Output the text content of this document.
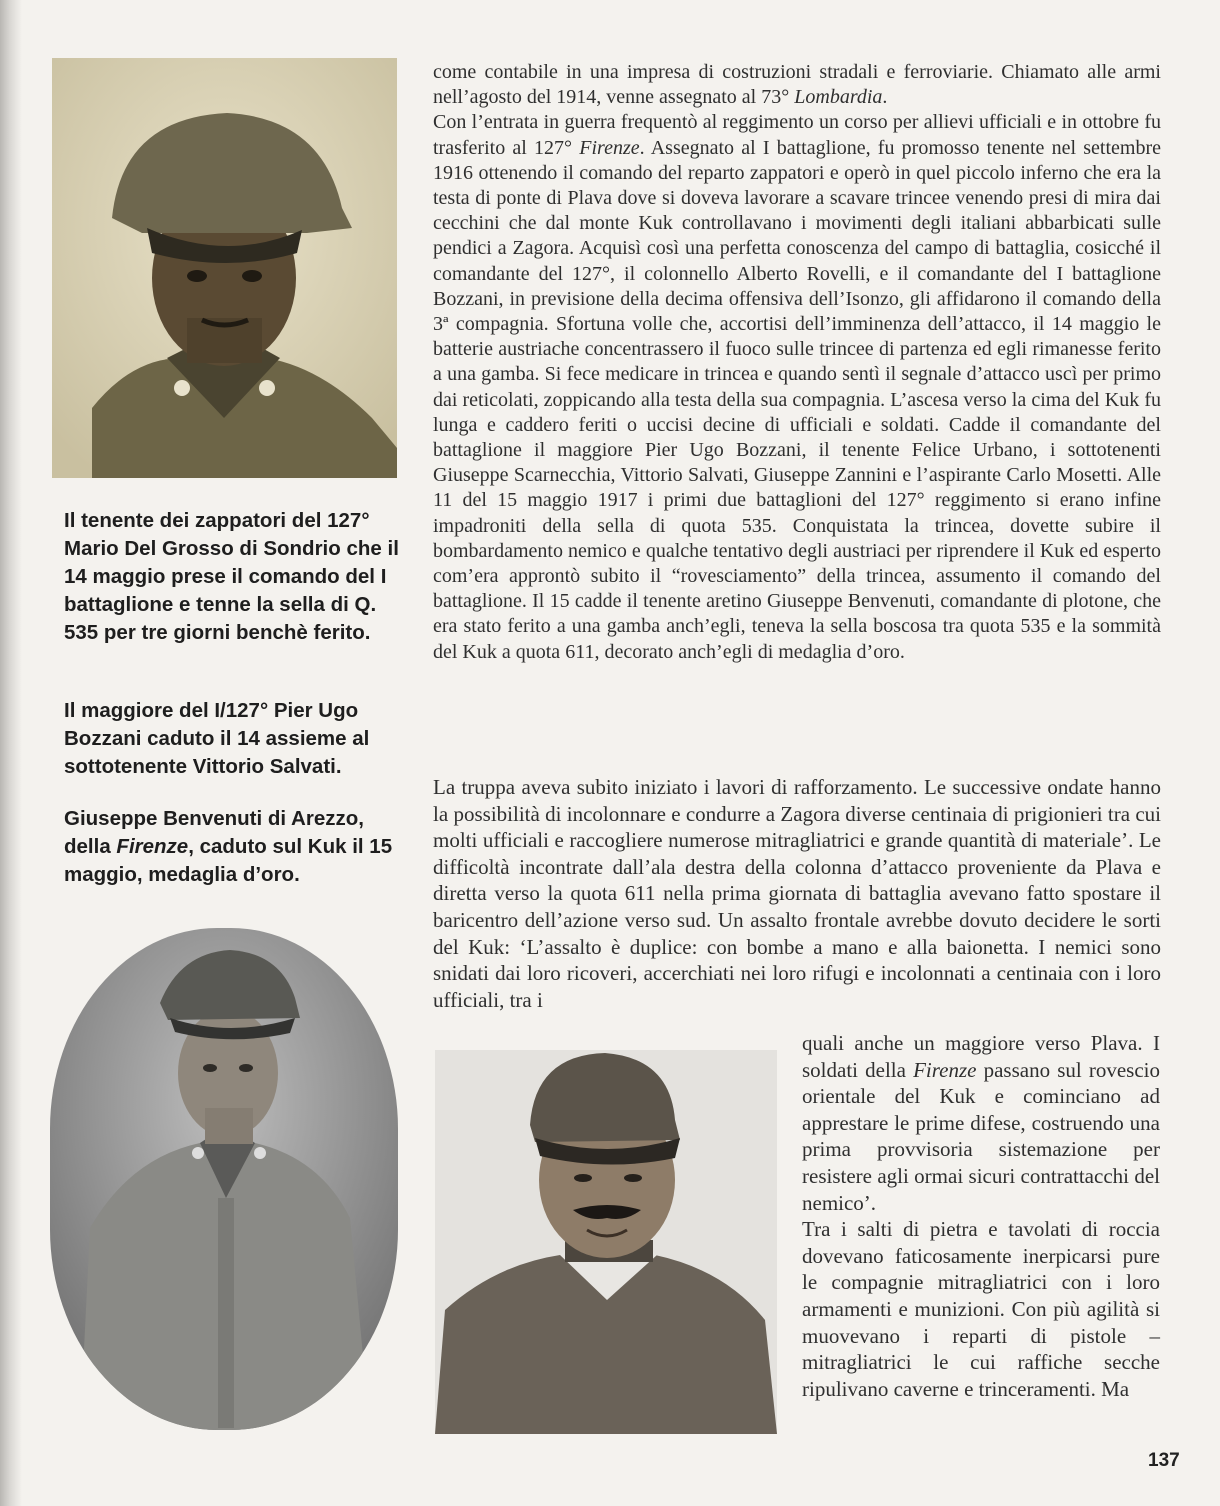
Il tenente dei zappatori del 127° Mario Del Grosso di Sondrio che il 14 maggio prese il comando del I battaglione e tenne la sella di Q. 535 per tre giorni benchè ferito.
Il maggiore del I/127° Pier Ugo Bozzani caduto il 14 assieme al sottotenente Vittorio Salvati.
Giuseppe Benvenuti di Arezzo, della Firenze, caduto sul Kuk il 15 maggio, medaglia d’oro.

come contabile in una impresa di costruzioni stradali e ferroviarie. Chiamato alle armi nell’agosto del 1914, venne assegnato al 73° Lombardia.

Con l’entrata in guerra frequentò al reggimento un corso per allievi ufficiali e in ottobre fu trasferito al 127° Firenze. Assegnato al I battaglione, fu promosso tenente nel settembre 1916 ottenendo il comando del reparto zappatori e operò in quel piccolo inferno che era la testa di ponte di Plava dove si doveva lavorare a scavare trincee venendo presi di mira dai cecchini che dal monte Kuk controllavano i movimenti degli italiani abbarbicati sulle pendici a Zagora. Acquisì così una perfetta conoscenza del campo di battaglia, cosicché il comandante del 127°, il colonnello Alberto Rovelli, e il comandante del I battaglione Bozzani, in previsione della decima offensiva dell’Isonzo, gli affidarono il comando della 3ª compagnia. Sfortuna volle che, accortisi dell’imminenza dell’attacco, il 14 maggio le batterie austriache concentrassero il fuoco sulle trincee di partenza ed egli rimanesse ferito a una gamba. Si fece medicare in trincea e quando sentì il segnale d’attacco uscì per primo dai reticolati, zoppicando alla testa della sua compagnia. L’ascesa verso la cima del Kuk fu lunga e caddero feriti o uccisi decine di ufficiali e soldati. Cadde il comandante del battaglione il maggiore Pier Ugo Bozzani, il tenente Felice Urbano, i sottotenenti Giuseppe Scarnecchia, Vittorio Salvati, Giuseppe Zannini e l’aspirante Carlo Mosetti. Alle 11 del 15 maggio 1917 i primi due battaglioni del 127° reggimento si erano infine impadroniti della sella di quota 535. Conquistata la trincea, dovette subire il bombardamento nemico e qualche tentativo degli austriaci per riprendere il Kuk ed esperto com’era approntò subito il “rovesciamento” della trincea, assumento il comando del battaglione. Il 15 cadde il tenente aretino Giuseppe Benvenuti, comandante di plotone, che era stato ferito a una gamba anch’egli, teneva la sella boscosa tra quota 535 e la sommità del Kuk a quota 611, decorato anch’egli di medaglia d’oro.

La truppa aveva subito iniziato i lavori di rafforzamento. Le successive ondate hanno la possibilità di incolonnare e condurre a Zagora diverse centinaia di prigionieri tra cui molti ufficiali e raccogliere numerose mitragliatrici e grande quantità di materiale’. Le difficoltà incontrate dall’ala destra della colonna d’attacco proveniente da Plava e diretta verso la quota 611 nella prima giornata di battaglia avevano fatto spostare il baricentro dell’azione verso sud. Un assalto frontale avrebbe dovuto decidere le sorti del Kuk: ‘L’assalto è duplice: con bombe a mano e alla baionetta. I nemici sono snidati dai loro ricoveri, accerchiati nei loro rifugi e incolonnati a centinaia con i loro ufficiali, tra i

quali anche un maggiore verso Plava. I soldati della Firenze passano sul rovescio orientale del Kuk e cominciano ad apprestare le prime difese, costruendo una prima provvisoria sistemazione per resistere agli ormai sicuri contrattacchi del nemico’.

Tra i salti di pietra e tavolati di roccia dovevano faticosamente inerpicarsi pure le compagnie mitragliatrici con i loro armamenti e munizioni. Con più agilità si muovevano i reparti di pistole – mitragliatrici le cui raffiche secche ripulivano caverne e trinceramenti. Ma

137
